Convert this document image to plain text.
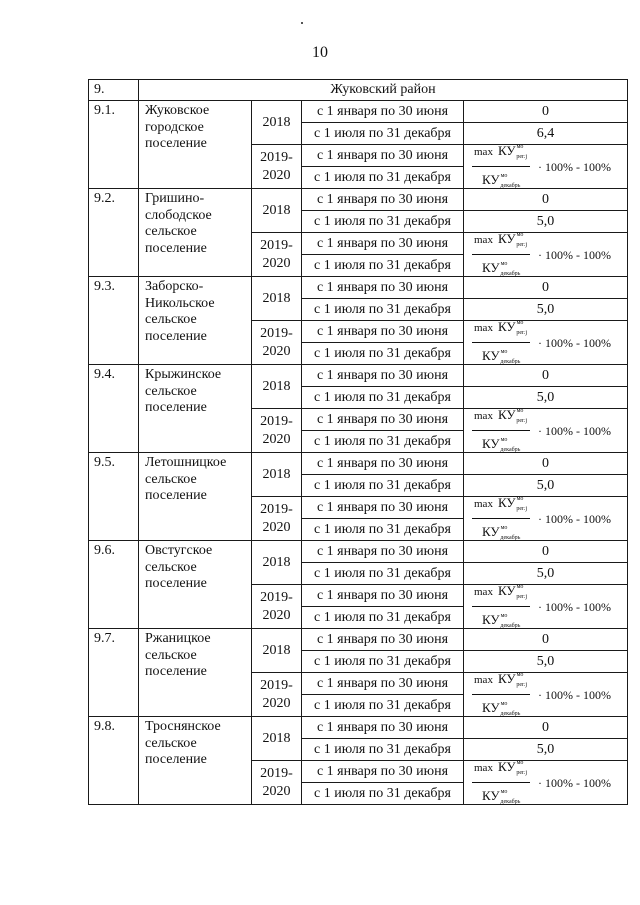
10
9.	Жуковский район			
9.1.	Жуковское городское поселение	2018	с 1 января по 30 июня	0
			с 1 июля по 31 декабря	6,4
		2019-2020	с 1 января по 30 июня	$\frac{\max КУ^{мо}_{рег.j}}{КУ^{мо}_{декабрь}} \cdot 100\% - 100\%$

			с 1 июля по 31 декабря	
9.2.	Гришино-слободское сельское поселение	2018	с 1 января по 30 июня	0
			с 1 июля по 31 декабря	5,0
		2019-2020	с 1 января по 30 июня	$\frac{\max КУ^{мо}_{рег.j}}{КУ^{мо}_{декабрь}} \cdot 100\% - 100\%$

			с 1 июля по 31 декабря	
9.3.	Заборско-Никольское сельское поселение	2018	с 1 января по 30 июня	0
			с 1 июля по 31 декабря	5,0
		2019-2020	с 1 января по 30 июня	$\frac{\max КУ^{мо}_{рег.j}}{КУ^{мо}_{декабрь}} \cdot 100\% - 100\%$

			с 1 июля по 31 декабря	
9.4.	Крыжинское сельское поселение	2018	с 1 января по 30 июня	0
			с 1 июля по 31 декабря	5,0
		2019-2020	с 1 января по 30 июня	$\frac{\max КУ^{мо}_{рег.j}}{КУ^{мо}_{декабрь}} \cdot 100\% - 100\%$

			с 1 июля по 31 декабря	
9.5.	Летошницкое сельское поселение	2018	с 1 января по 30 июня	0
			с 1 июля по 31 декабря	5,0
		2019-2020	с 1 января по 30 июня	$\frac{\max КУ^{мо}_{рег.j}}{КУ^{мо}_{декабрь}} \cdot 100\% - 100\%$

			с 1 июля по 31 декабря	
9.6.	Овстугское сельское поселение	2018	с 1 января по 30 июня	0
			с 1 июля по 31 декабря	5,0
		2019-2020	с 1 января по 30 июня	$\frac{\max КУ^{мо}_{рег.j}}{КУ^{мо}_{декабрь}} \cdot 100\% - 100\%$

			с 1 июля по 31 декабря	
9.7.	Ржаницкое сельское поселение	2018	с 1 января по 30 июня	0
			с 1 июля по 31 декабря	5,0
		2019-2020	с 1 января по 30 июня	$\frac{\max КУ^{мо}_{рег.j}}{КУ^{мо}_{декабрь}} \cdot 100\% - 100\%$

			с 1 июля по 31 декабря	
9.8.	Троснянское сельское поселение	2018	с 1 января по 30 июня	0
			с 1 июля по 31 декабря	5,0
		2019-2020	с 1 января по 30 июня	$\frac{\max КУ^{мо}_{рег.j}}{КУ^{мо}_{декабрь}} \cdot 100\% - 100\%$

			с 1 июля по 31 декабря	
